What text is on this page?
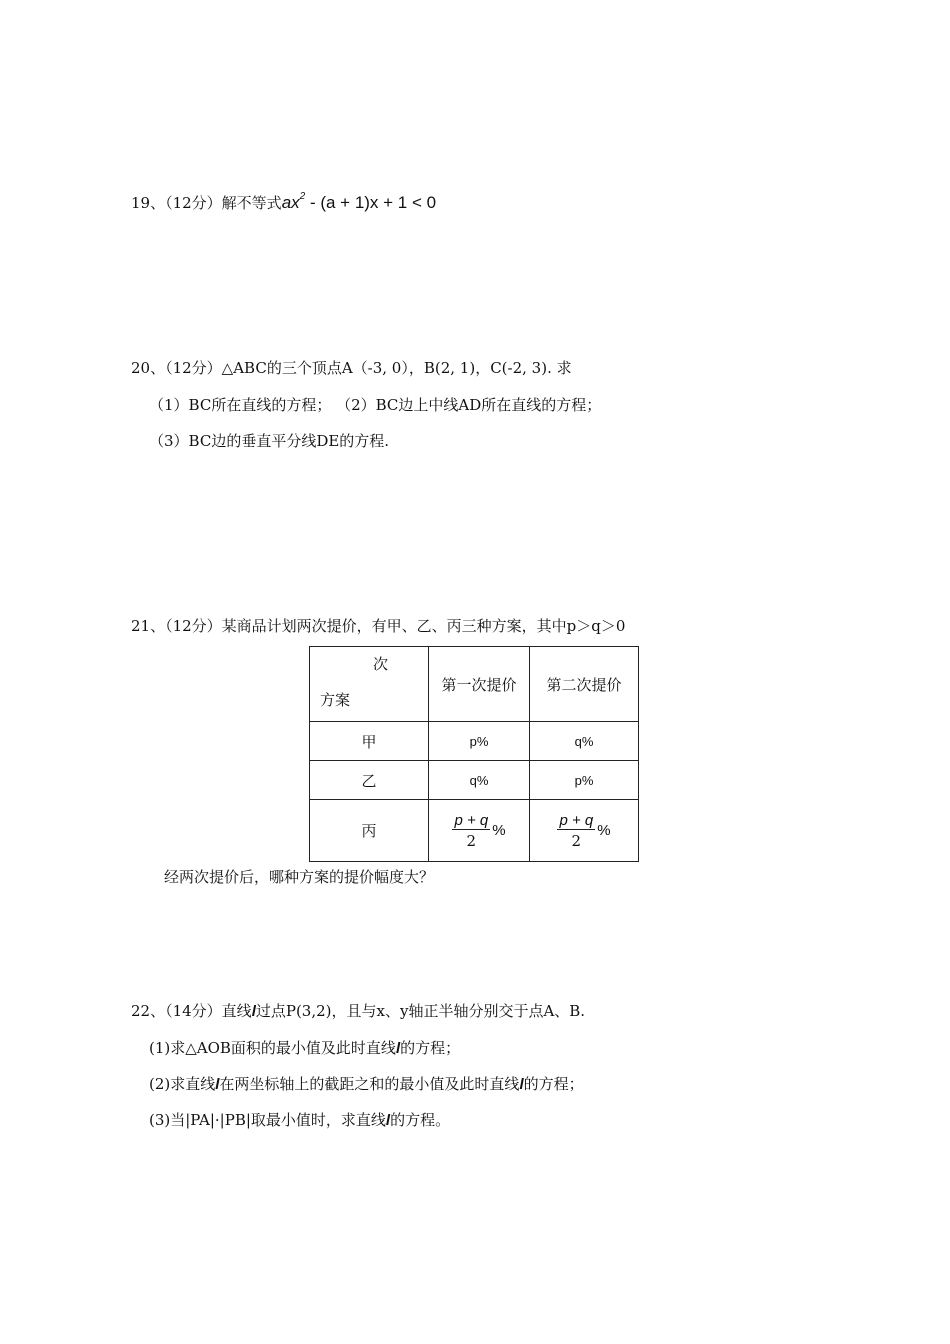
19、（12分）解不等式$ax^2 - (a + 1)x + 1 < 0$
20、（12分）△ABC的三个顶点A（-3, 0），B(2, 1)，C(-2, 3). 求
（1）BC所在直线的方程； （2）BC边上中线AD所在直线的方程；
（3）BC边的垂直平分线DE的方程.
21、（12分）某商品计划两次提价，有甲、乙、丙三种方案，其中p＞q＞0
次
方案	第一次提价	第二次提价
甲	p%	q%
乙	q%	p%
丙	$\frac{p + q}{2}$ %	$\frac{p + q}{2}$ %
经两次提价后，哪种方案的提价幅度大？
22、（14分）直线l过点P(3,2)，且与x、y轴正半轴分别交于点A、B.
(1)求△AOB面积的最小值及此时直线l的方程；
(2)求直线l在两坐标轴上的截距之和的最小值及此时直线l的方程；
(3)当|PA|·|PB|取最小值时，求直线l的方程。
